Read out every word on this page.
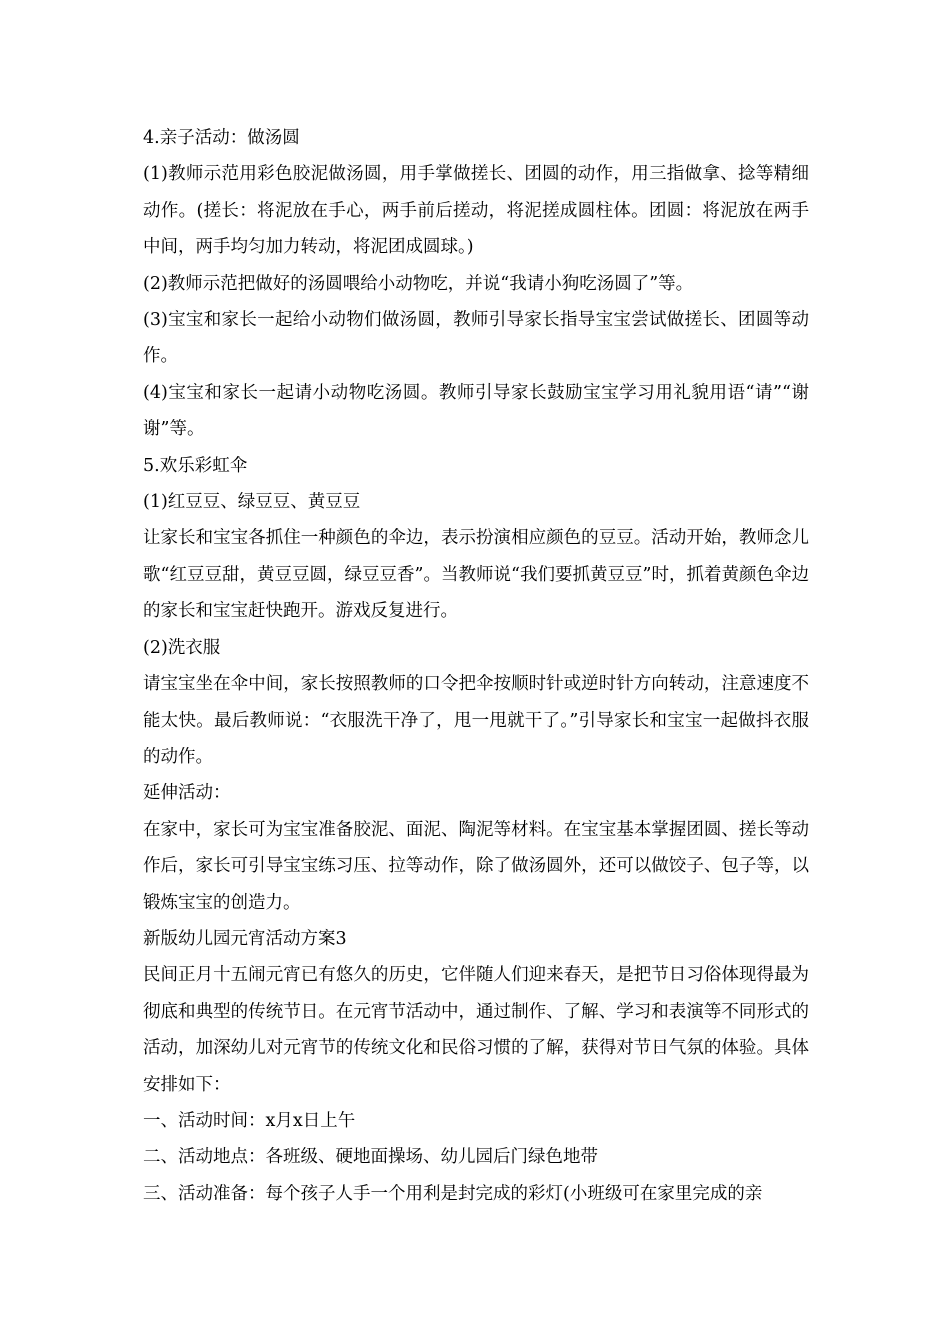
4.亲子活动：做汤圆

(1)教师示范用彩色胶泥做汤圆，用手掌做搓长、团圆的动作，用三指做拿、捻等精细动作。(搓长：将泥放在手心，两手前后搓动，将泥搓成圆柱体。团圆：将泥放在两手中间，两手均匀加力转动，将泥团成圆球。)

(2)教师示范把做好的汤圆喂给小动物吃，并说“我请小狗吃汤圆了”等。

(3)宝宝和家长一起给小动物们做汤圆，教师引导家长指导宝宝尝试做搓长、团圆等动作。

(4)宝宝和家长一起请小动物吃汤圆。教师引导家长鼓励宝宝学习用礼貌用语“请”“谢谢”等。

5.欢乐彩虹伞

(1)红豆豆、绿豆豆、黄豆豆

让家长和宝宝各抓住一种颜色的伞边，表示扮演相应颜色的豆豆。活动开始，教师念儿歌“红豆豆甜，黄豆豆圆，绿豆豆香”。当教师说“我们要抓黄豆豆”时，抓着黄颜色伞边的家长和宝宝赶快跑开。游戏反复进行。

(2)洗衣服

请宝宝坐在伞中间，家长按照教师的口令把伞按顺时针或逆时针方向转动，注意速度不能太快。最后教师说：“衣服洗干净了，甩一甩就干了。”引导家长和宝宝一起做抖衣服的动作。

延伸活动：

在家中，家长可为宝宝准备胶泥、面泥、陶泥等材料。在宝宝基本掌握团圆、搓长等动作后，家长可引导宝宝练习压、拉等动作，除了做汤圆外，还可以做饺子、包子等，以锻炼宝宝的创造力。

新版幼儿园元宵活动方案3

民间正月十五闹元宵已有悠久的历史，它伴随人们迎来春天，是把节日习俗体现得最为彻底和典型的传统节日。在元宵节活动中，通过制作、了解、学习和表演等不同形式的活动，加深幼儿对元宵节的传统文化和民俗习惯的了解，获得对节日气氛的体验。具体安排如下：

一、活动时间：x月x日上午

二、活动地点：各班级、硬地面操场、幼儿园后门绿色地带

三、活动准备：每个孩子人手一个用利是封完成的彩灯(小班级可在家里完成的亲
